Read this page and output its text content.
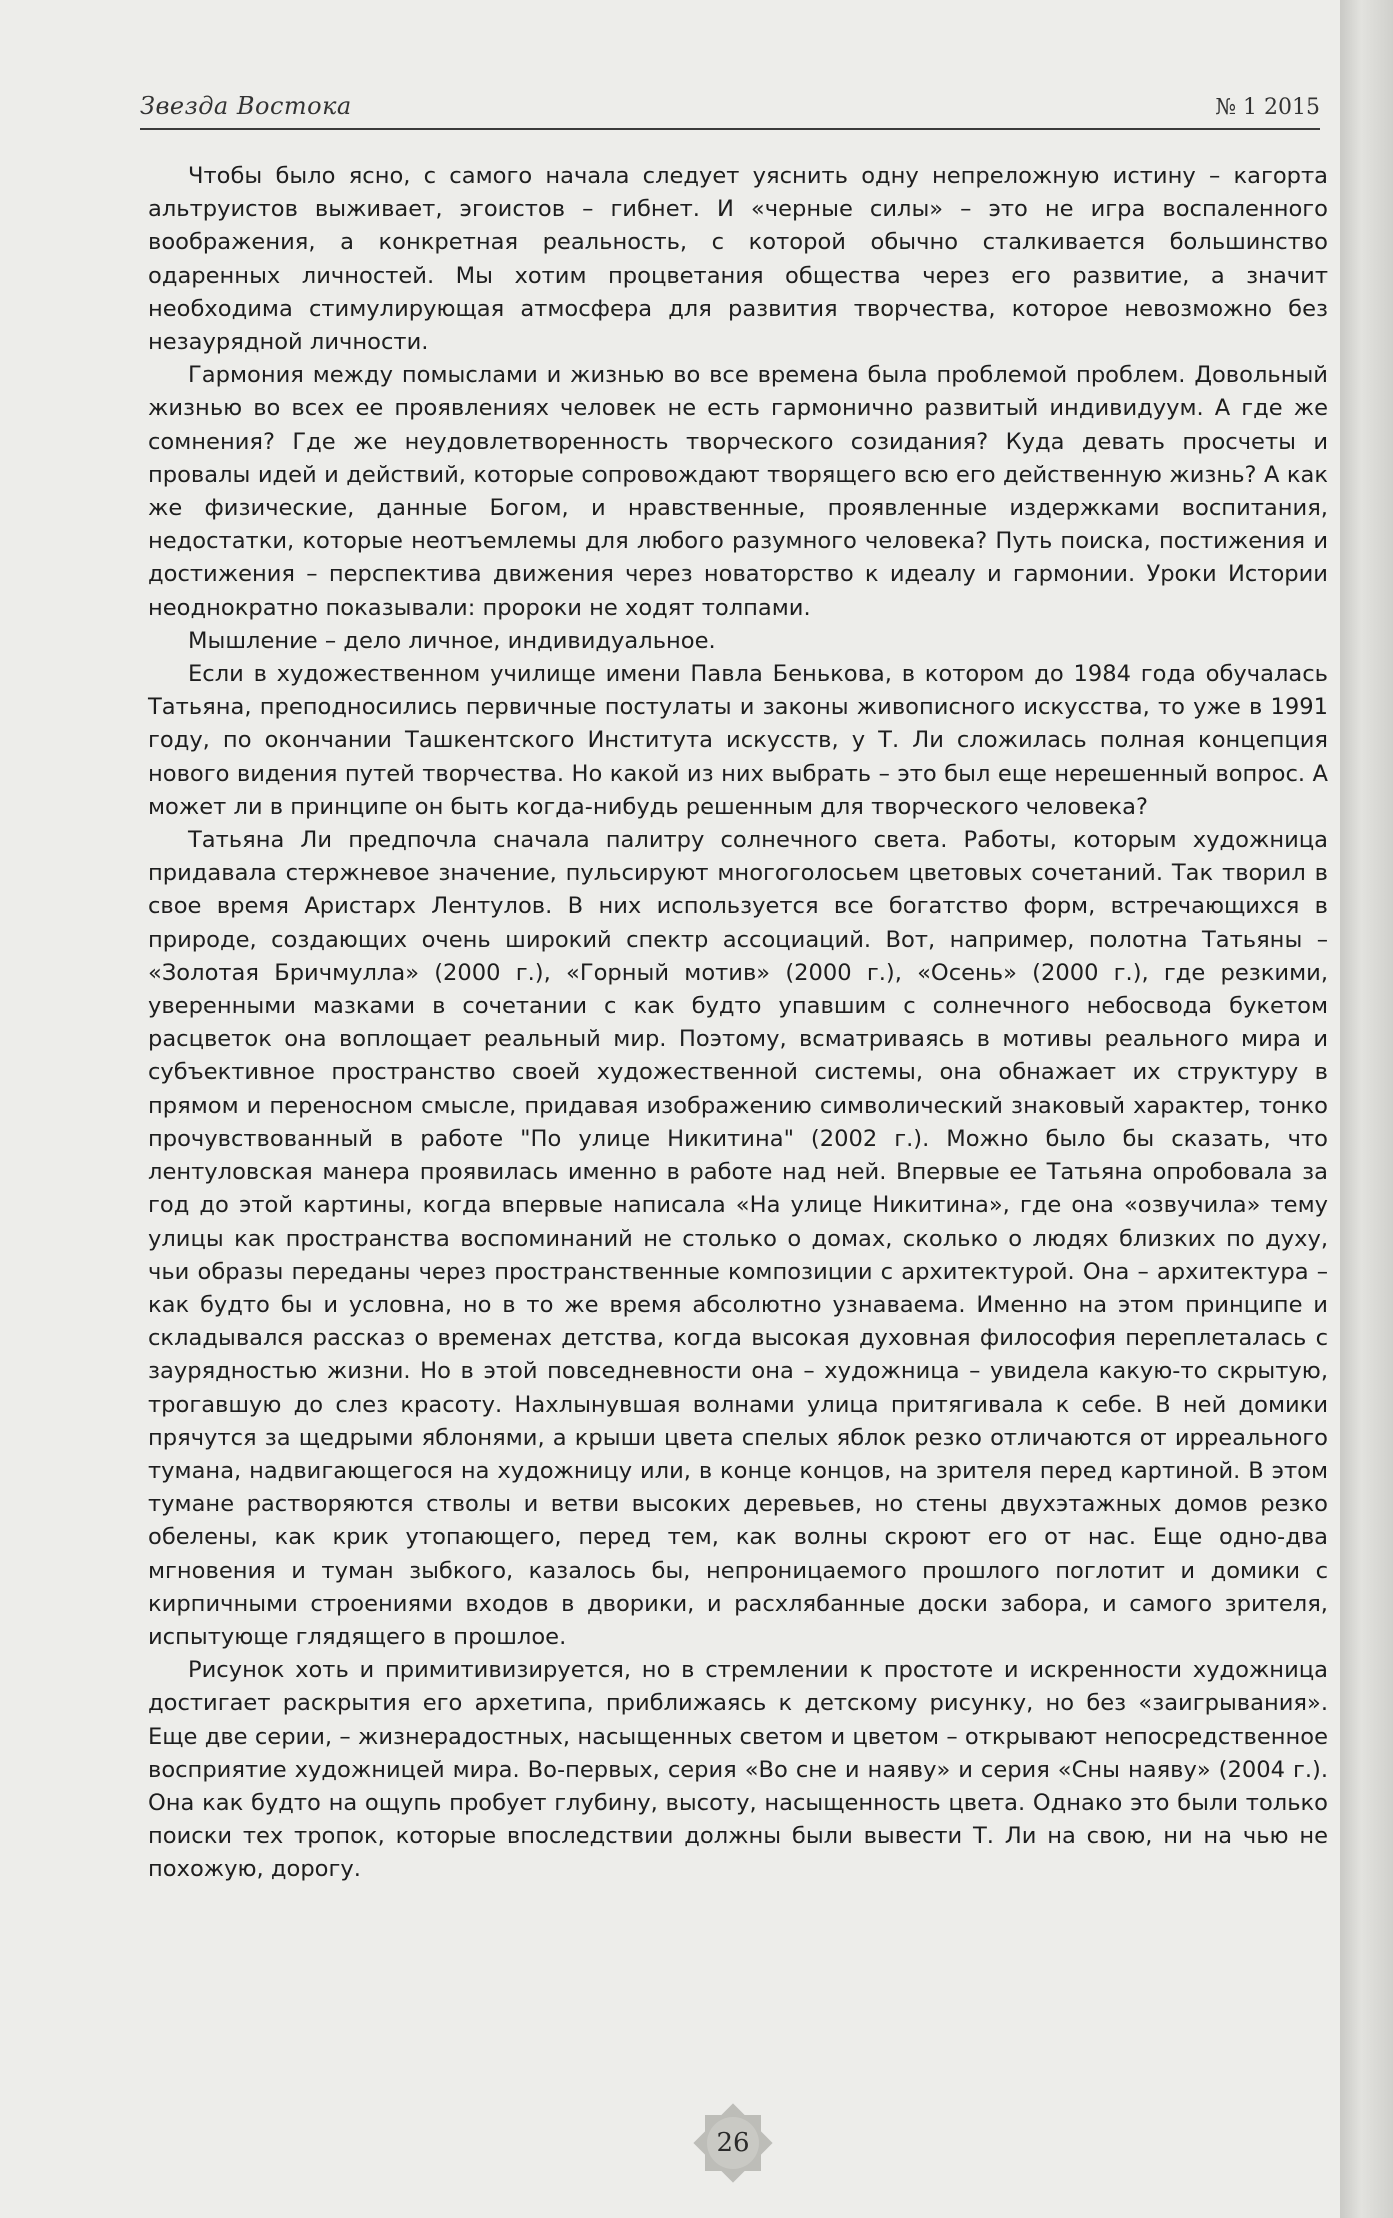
Звезда Востока	№ 1 2015

Чтобы было ясно, с самого начала следует уяснить одну непреложную истину – кагорта альтруистов выживает, эгоистов – гибнет. И «черные силы» – это не игра воспаленного воображения, а конкретная реальность, с которой обычно сталкивается большинство одаренных личностей. Мы хотим процветания общества через его развитие, а значит необходима стимулирующая атмосфера для развития творчества, которое невозможно без незаурядной личности.

Гармония между помыслами и жизнью во все времена была проблемой проблем. Довольный жизнью во всех ее проявлениях человек не есть гармонично развитый индивидуум. А где же сомнения? Где же неудовлетворенность творческого созидания? Куда девать просчеты и провалы идей и действий, которые сопровождают творящего всю его действенную жизнь? А как же физические, данные Богом, и нравственные, проявленные издержками воспитания, недостатки, которые неотъемлемы для любого разумного человека? Путь поиска, постижения и достижения – перспектива движения через новаторство к идеалу и гармонии. Уроки Истории неоднократно показывали: пророки не ходят толпами.

Мышление – дело личное, индивидуальное.

Если в художественном училище имени Павла Бенькова, в котором до 1984 года обучалась Татьяна, преподносились первичные постулаты и законы живописного искусства, то уже в 1991 году, по окончании Ташкентского Института искусств, у Т. Ли сложилась полная концепция нового видения путей творчества. Но какой из них выбрать – это был еще нерешенный вопрос. А может ли в принципе он быть когда-нибудь решенным для творческого человека?

Татьяна Ли предпочла сначала палитру солнечного света. Работы, которым художница придавала стержневое значение, пульсируют многоголосьем цветовых сочетаний. Так творил в свое время Аристарх Лентулов. В них используется все богатство форм, встречающихся в природе, создающих очень широкий спектр ассоциаций. Вот, например, полотна Татьяны – «Золотая Бричмулла» (2000 г.), «Горный мотив» (2000 г.), «Осень» (2000 г.), где резкими, уверенными мазками в сочетании с как будто упавшим с солнечного небосвода букетом расцветок она воплощает реальный мир. Поэтому, всматриваясь в мотивы реального мира и субъективное пространство своей художественной системы, она обнажает их структуру в прямом и переносном смысле, придавая изображению символический знаковый характер, тонко прочувствованный в работе "По улице Никитина" (2002 г.). Можно было бы сказать, что лентуловская манера проявилась именно в работе над ней. Впервые ее Татьяна опробовала за год до этой картины, когда впервые написала «На улице Никитина», где она «озвучила» тему улицы как пространства воспоминаний не столько о домах, сколько о людях близких по духу, чьи образы переданы через пространственные композиции с архитектурой. Она – архитектура – как будто бы и условна, но в то же время абсолютно узнаваема. Именно на этом принципе и складывался рассказ о временах детства, когда высокая духовная философия переплеталась с заурядностью жизни. Но в этой повседневности она – художница – увидела какую-то скрытую, трогавшую до слез красоту. Нахлынувшая волнами улица притягивала к себе. В ней домики прячутся за щедрыми яблонями, а крыши цвета спелых яблок резко отличаются от ирреального тумана, надвигающегося на художницу или, в конце концов, на зрителя перед картиной. В этом тумане растворяются стволы и ветви высоких деревьев, но стены двухэтажных домов резко обелены, как крик утопающего, перед тем, как волны скроют его от нас. Еще одно-два мгновения и туман зыбкого, казалось бы, непроницаемого прошлого поглотит и домики с кирпичными строениями входов в дворики, и расхлябанные доски забора, и самого зрителя, испытующе глядящего в прошлое.

Рисунок хоть и примитивизируется, но в стремлении к простоте и искренности художница достигает раскрытия его архетипа, приближаясь к детскому рисунку, но без «заигрывания». Еще две серии, – жизнерадостных, насыщенных светом и цветом – открывают непосредственное восприятие художницей мира. Во-первых, серия «Во сне и наяву» и серия «Сны наяву» (2004 г.). Она как будто на ощупь пробует глубину, высоту, насыщенность цвета. Однако это были только поиски тех тропок, которые впоследствии должны были вывести Т. Ли на свою, ни на чью не похожую, дорогу.

26
